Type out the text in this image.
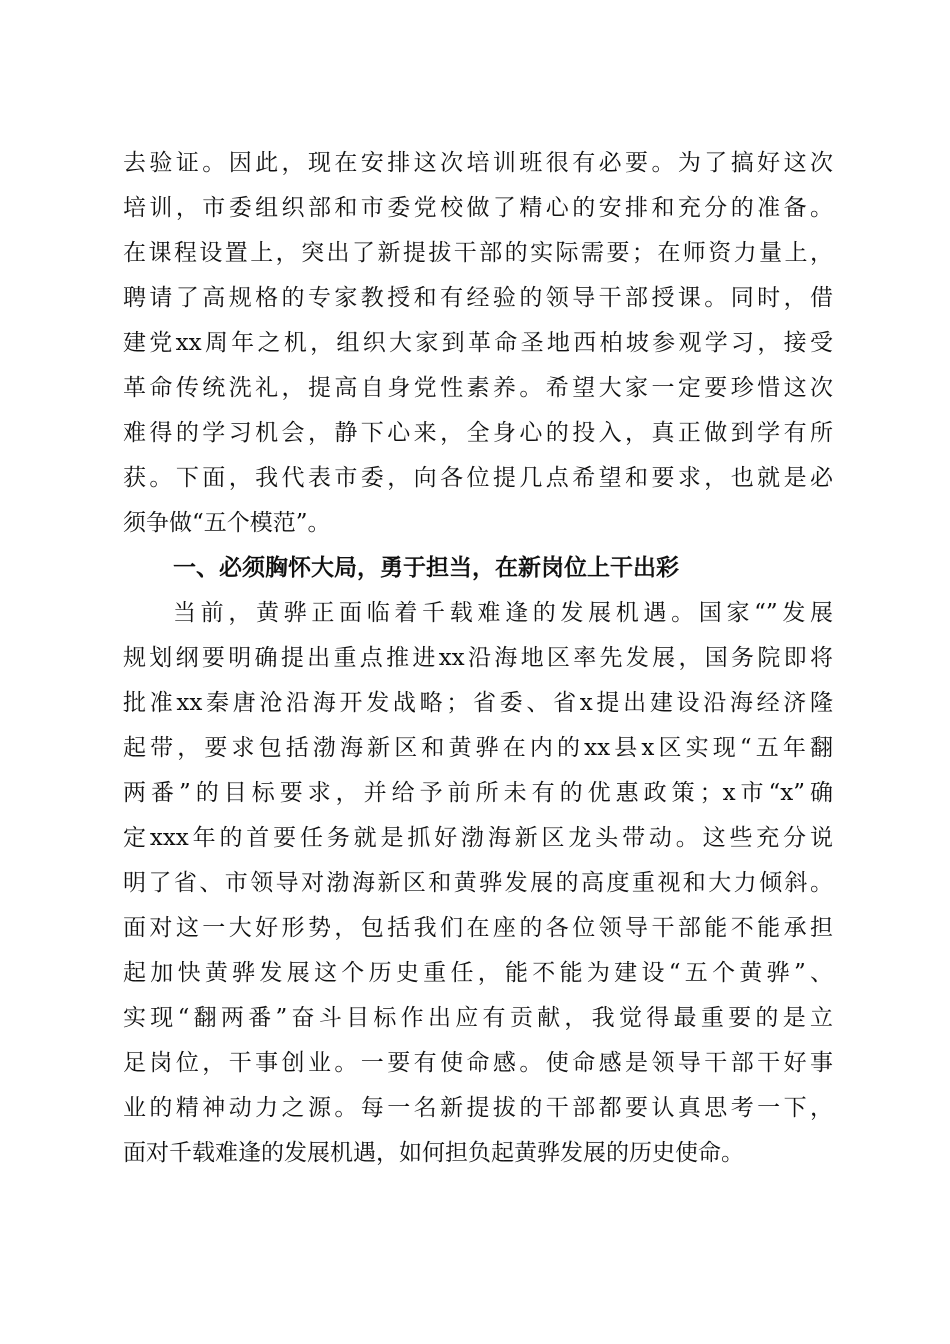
去验证。因此，现在安排这次培训班很有必要。为了搞好这次
培训，市委组织部和市委党校做了精心的安排和充分的准备。
在课程设置上，突出了新提拔干部的实际需要；在师资力量上，
聘请了高规格的专家教授和有经验的领导干部授课。同时，借
建党xx周年之机，组织大家到革命圣地西柏坡参观学习，接受
革命传统洗礼，提高自身党性素养。希望大家一定要珍惜这次
难得的学习机会，静下心来，全身心的投入，真正做到学有所
获。下面，我代表市委，向各位提几点希望和要求，也就是必
须争做“五个模范”。
一、必须胸怀大局，勇于担当，在新岗位上干出彩
当前，黄骅正面临着千载难逢的发展机遇。国家“”发展
规划纲要明确提出重点推进xx沿海地区率先发展，国务院即将
批准xx秦唐沧沿海开发战略；省委、省x提出建设沿海经济隆
起带，要求包括渤海新区和黄骅在内的xx县x区实现“五年翻
两番”的目标要求，并给予前所未有的优惠政策；x市“x”确
定xxx年的首要任务就是抓好渤海新区龙头带动。这些充分说
明了省、市领导对渤海新区和黄骅发展的高度重视和大力倾斜。
面对这一大好形势，包括我们在座的各位领导干部能不能承担
起加快黄骅发展这个历史重任，能不能为建设“五个黄骅”、
实现“翻两番”奋斗目标作出应有贡献，我觉得最重要的是立
足岗位，干事创业。一要有使命感。使命感是领导干部干好事
业的精神动力之源。每一名新提拔的干部都要认真思考一下，
面对千载难逢的发展机遇，如何担负起黄骅发展的历史使命。
